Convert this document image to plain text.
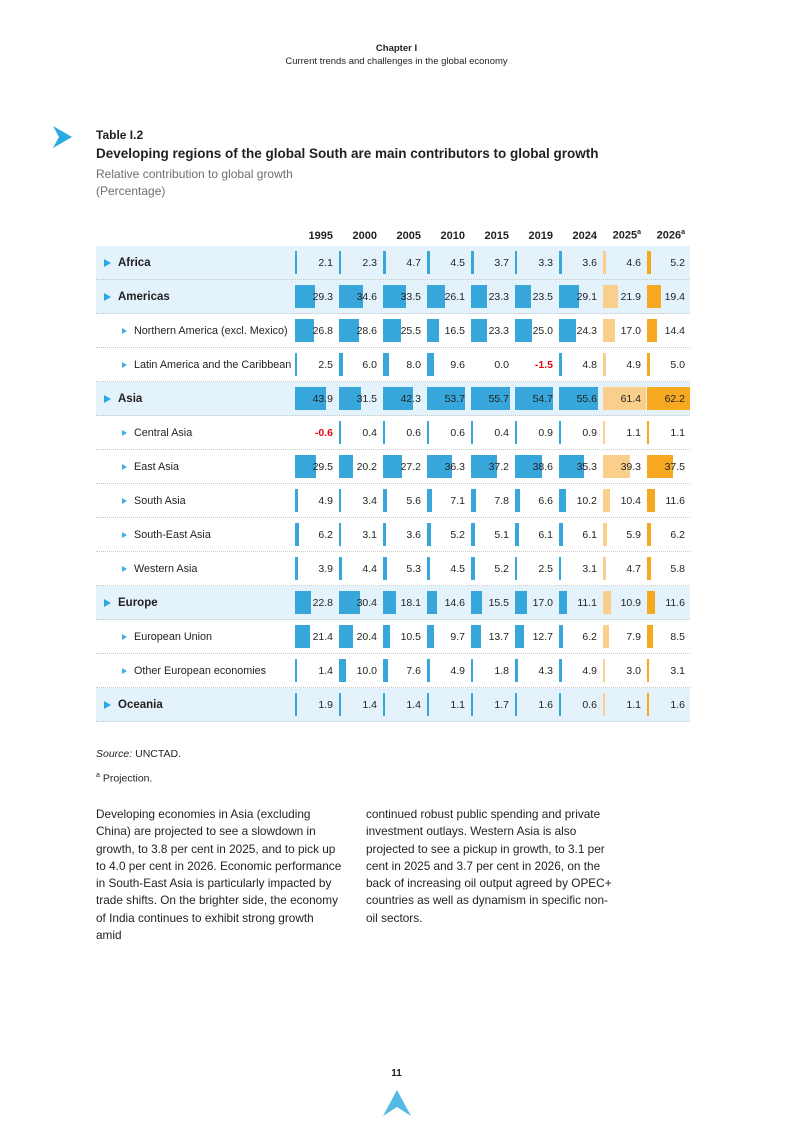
Chapter I
Current trends and challenges in the global economy
Table I.2
Developing regions of the global South are main contributors to global growth
Relative contribution to global growth
(Percentage)
1995	2000	2005	2010	2015	2019	2024	2025$^a$	2026$^a$
Africa	2.1	2.3	4.7	4.5	3.7	3.3	3.6	4.6	5.2
Americas	29.3 34.6 33.5 26.1 23.3 23.5 29.1 21.9 19.4
Northern America (excl. Mexico) 26.8 28.6 25.5 16.5 23.3 25.0 24.3 17.0 14.4
Latin America and the Caribbean	2.5	6.0	8.0	9.6	0.0 -1.5	4.8	4.9	5.0
Asia	43.9 31.5 42.3 53.7 55.7 54.7 55.6 61.4 62.2
Central Asia	-0.6	0.4	0.6	0.6	0.4	0.9	0.9	1.1	1.1
East Asia	29.5 20.2 27.2 36.3 37.2 38.6 35.3 39.3 37.5
South Asia	4.9	3.4	5.6	7.1	7.8	6.6 10.2 10.4 11.6
South-East Asia	6.2	3.1	3.6	5.2	5.1	6.1	6.1	5.9	6.2
Western Asia	3.9	4.4	5.3	4.5	5.2	2.5	3.1	4.7	5.8
Europe	22.8 30.4 18.1 14.6 15.5 17.0 11.1 10.9 11.6
European Union	21.4 20.4 10.5	9.7 13.7 12.7	6.2	7.9	8.5
Other European economies	1.4 10.0	7.6	4.9	1.8	4.3	4.9	3.0	3.1
Oceania	1.9	1.4	1.4	1.1	1.7	1.6	0.6	1.1	1.6
Source: UNCTAD.
$^a$ Projection.
Developing economies in Asia (excluding China) are projected to see a slowdown in growth, to 3.8 per cent in 2025, and to pick up to 4.0 per cent in 2026. Economic performance in South-East Asia is particularly impacted by trade shifts. On the brighter side, the economy of India continues to exhibit strong growth amid
continued robust public spending and private investment outlays. Western Asia is also projected to see a pickup in growth, to 3.1 per cent in 2025 and 3.7 per cent in 2026, on the back of increasing oil output agreed by OPEC+ countries as well as dynamism in specific non-oil sectors.
11
